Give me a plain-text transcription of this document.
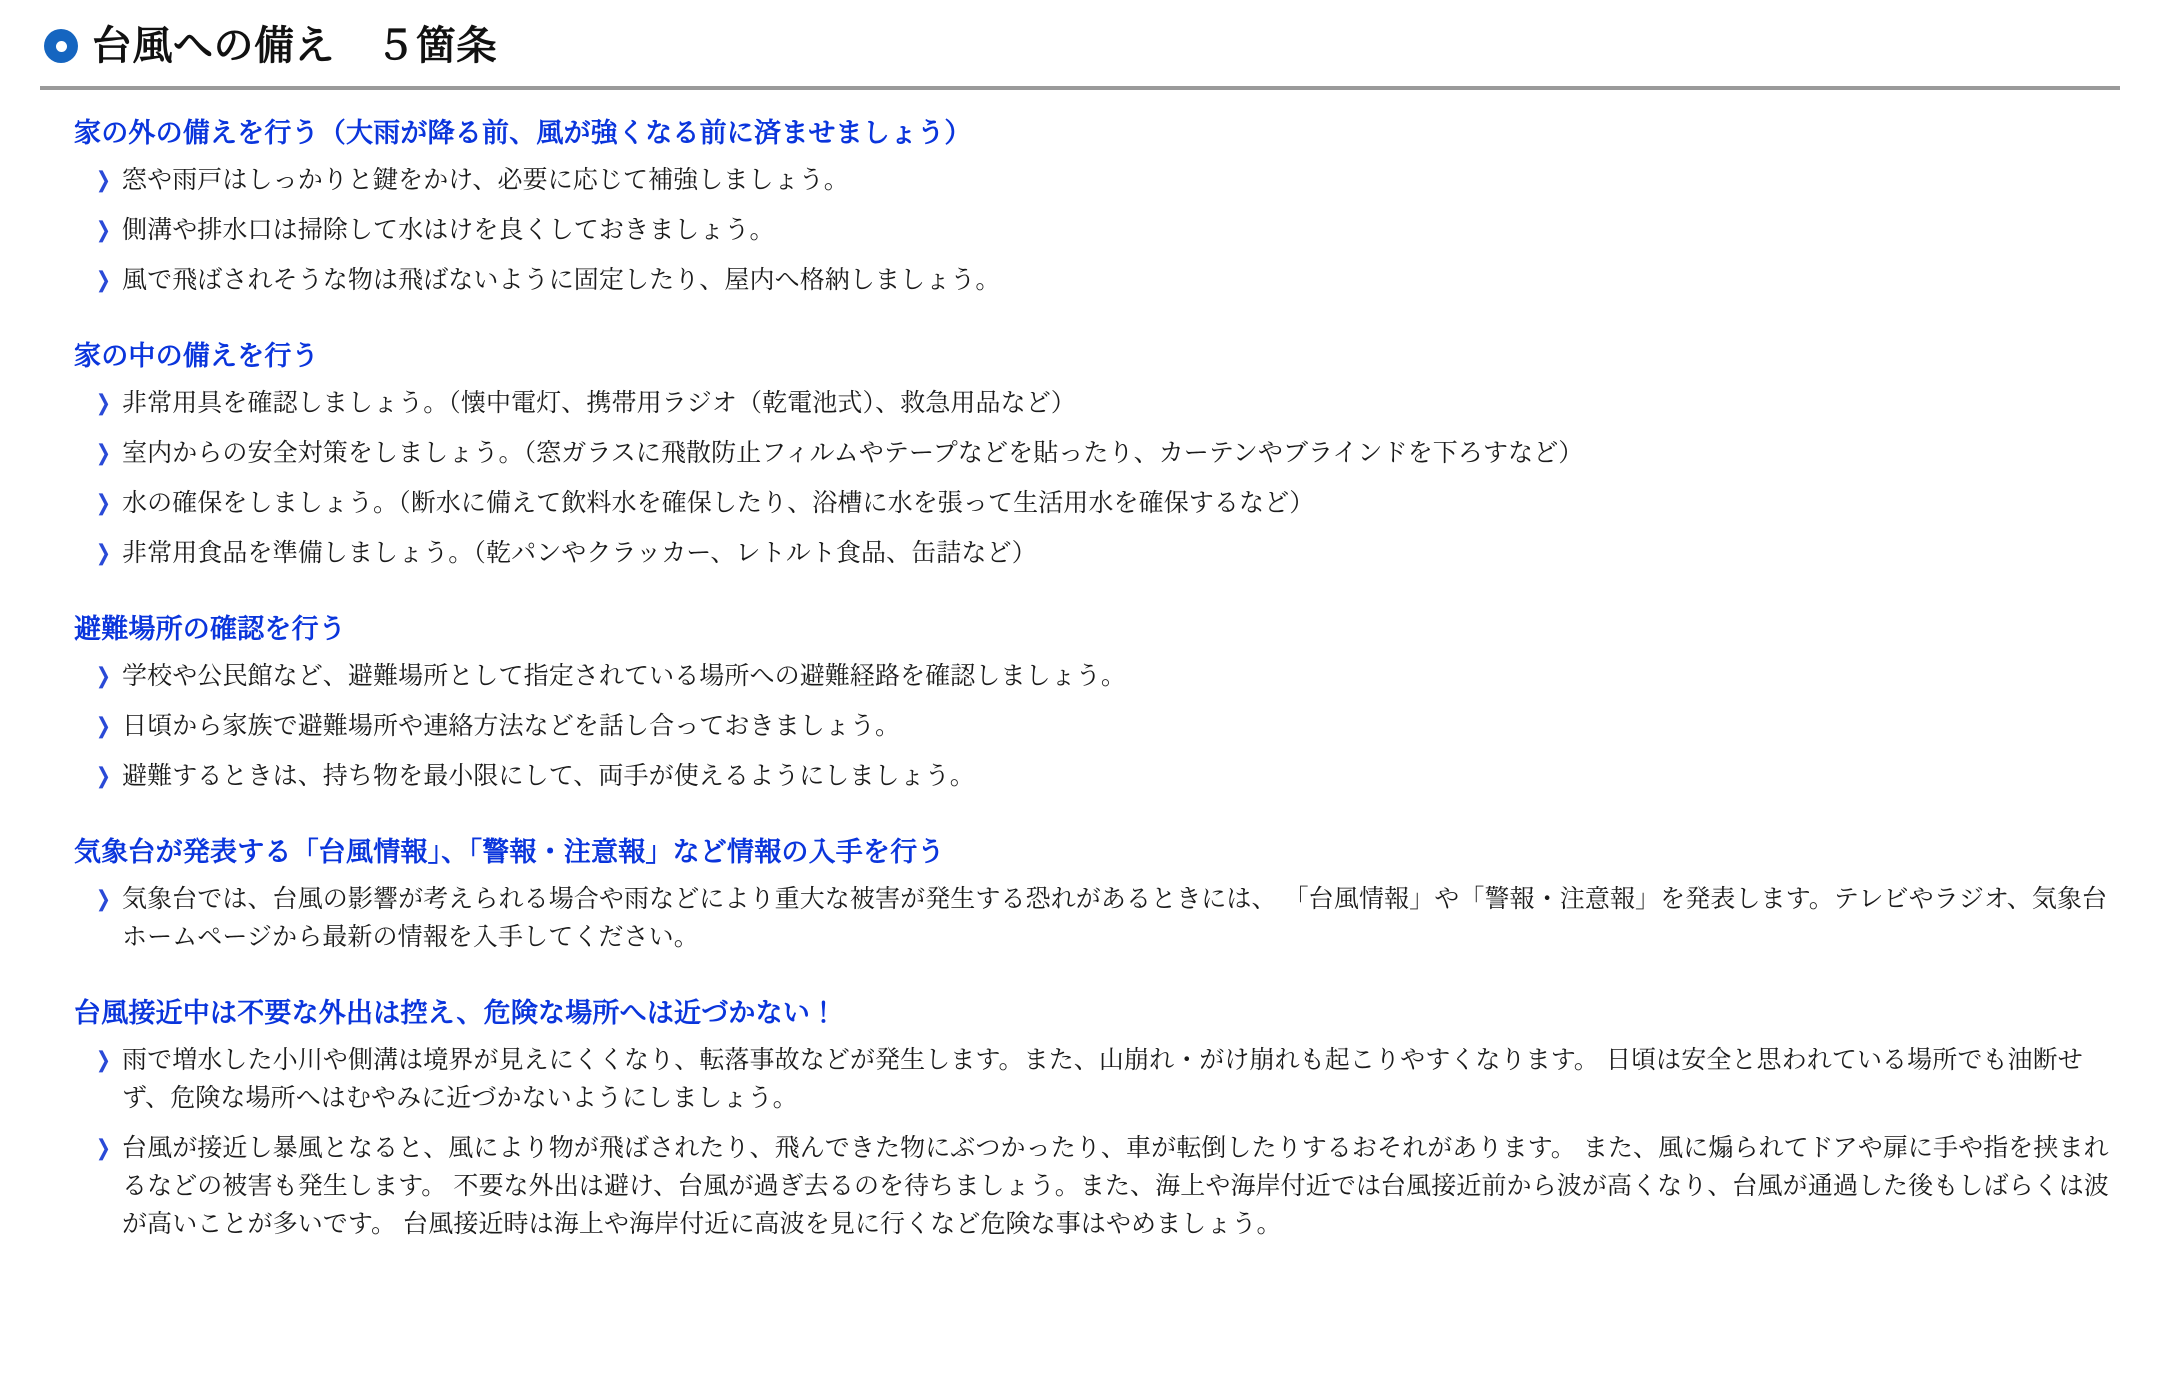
台風への備え　５箇条
家の外の備えを行う（大雨が降る前、風が強くなる前に済ませましょう）
❯ 窓や雨戸はしっかりと鍵をかけ、必要に応じて補強しましょう。
❯ 側溝や排水口は掃除して水はけを良くしておきましょう。
❯ 風で飛ばされそうな物は飛ばないように固定したり、屋内へ格納しましょう。
家の中の備えを行う
❯ 非常用具を確認しましょう。（懐中電灯、携帯用ラジオ（乾電池式）、救急用品など）
❯ 室内からの安全対策をしましょう。（窓ガラスに飛散防止フィルムやテープなどを貼ったり、カーテンやブラインドを下ろすなど）
❯ 水の確保をしましょう。（断水に備えて飲料水を確保したり、浴槽に水を張って生活用水を確保するなど）
❯ 非常用食品を準備しましょう。（乾パンやクラッカー、レトルト食品、缶詰など）
避難場所の確認を行う
❯ 学校や公民館など、避難場所として指定されている場所への避難経路を確認しましょう。
❯ 日頃から家族で避難場所や連絡方法などを話し合っておきましょう。
❯ 避難するときは、持ち物を最小限にして、両手が使えるようにしましょう。
気象台が発表する「台風情報」、「警報・注意報」など情報の入手を行う
❯ 気象台では、台風の影響が考えられる場合や雨などにより重大な被害が発生する恐れがあるときには、 「台風情報」や「警報・注意報」を発表します。テレビやラジオ、気象台ホームページから最新の情報を入手してください。
台風接近中は不要な外出は控え、危険な場所へは近づかない！
❯ 雨で増水した小川や側溝は境界が見えにくくなり、転落事故などが発生します。また、山崩れ・がけ崩れも起こりやすくなります。 日頃は安全と思われている場所でも油断せず、危険な場所へはむやみに近づかないようにしましょう。
❯ 台風が接近し暴風となると、風により物が飛ばされたり、飛んできた物にぶつかったり、車が転倒したりするおそれがあります。 また、風に煽られてドアや扉に手や指を挟まれるなどの被害も発生します。 不要な外出は避け、台風が過ぎ去るのを待ちましょう。また、海上や海岸付近では台風接近前から波が高くなり、台風が通過した後もしばらくは波が高いことが多いです。 台風接近時は海上や海岸付近に高波を見に行くなど危険な事はやめましょう。
